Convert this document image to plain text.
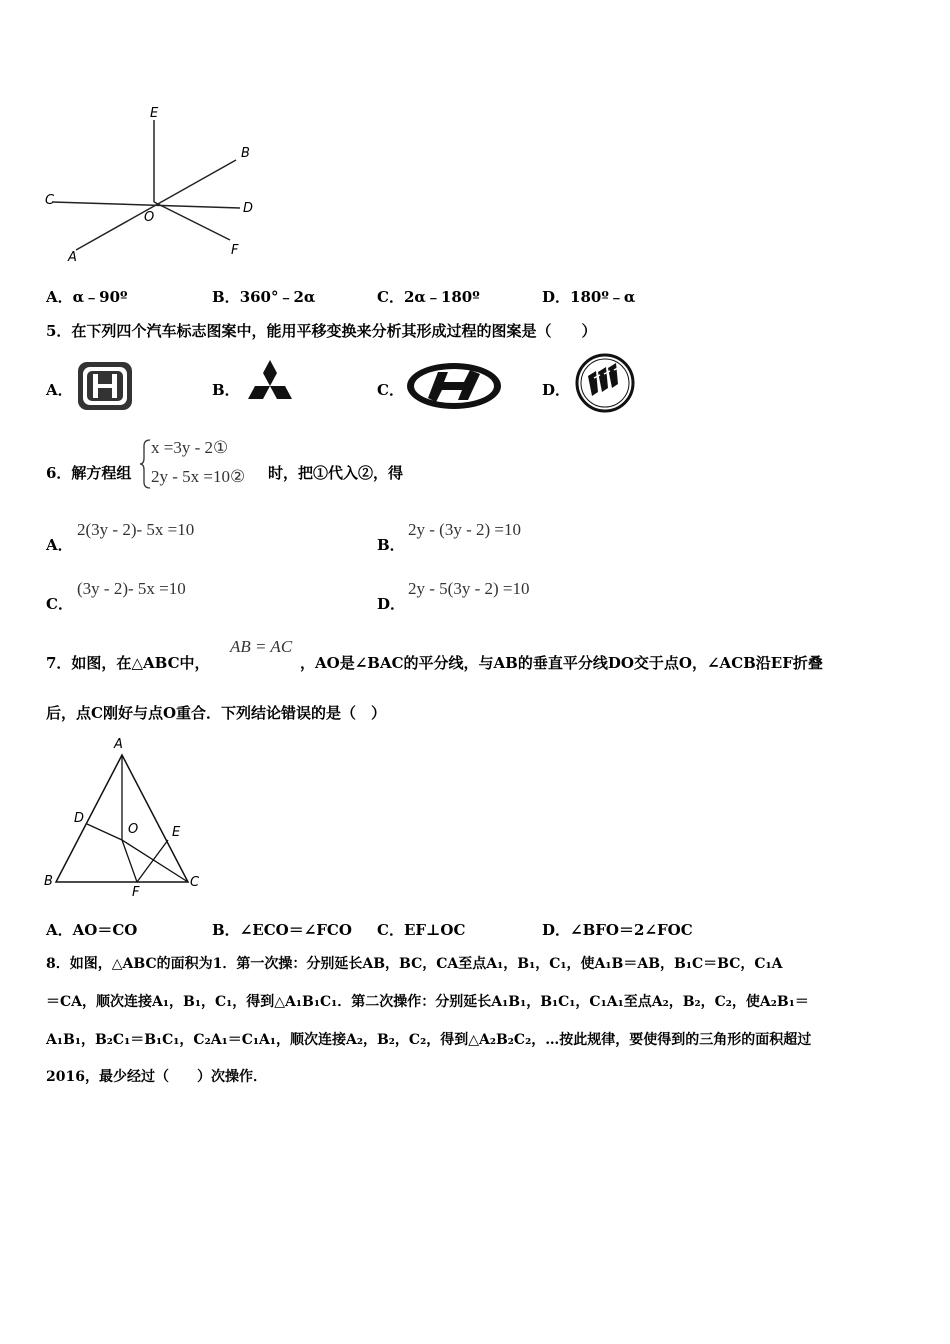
E
B
C
O
D
A	F
A．α﹣90º	B．360°﹣2α	C．2α﹣180º	D．180º﹣α
5．在下列四个汽车标志图案中，能用平移变换来分析其形成过程的图案是（　　）
A．	B．	C．	D．
6．解方程组
x =3y - 2①
2y - 5x =10② 时，把①代入②，得
A．
2(3y - 2)- 5x =10
B．
2y - (3y - 2) =10
C．
(3y - 2)- 5x =10
D．
2y - 5(3y - 2) =10
7．如图，在△ABC中，
AB = AC
，AO是∠BAC的平分线，与AB的垂直平分线DO交于点O，∠ACB沿EF折叠
后，点C刚好与点O重合．下列结论错误的是（　）
A
D
O	E
B
F
C
A．AO＝CO	B．∠ECO＝∠FCO C．EF⊥OC	D．∠BFO＝2∠FOC
8．如图，△ABC的面积为1．第一次操：分别延长AB，BC，CA至点A₁，B₁，C₁，使A₁B＝AB，B₁C＝BC，C₁A
＝CA，顺次连接A₁，B₁，C₁，得到△A₁B₁C₁．第二次操作：分别延长A₁B₁，B₁C₁，C₁A₁至点A₂，B₂，C₂，使A₂B₁＝
A₁B₁，B₂C₁＝B₁C₁，C₂A₁＝C₁A₁，顺次连接A₂，B₂，C₂，得到△A₂B₂C₂，…按此规律，要使得到的三角形的面积超过
2016，最少经过（　　）次操作．
